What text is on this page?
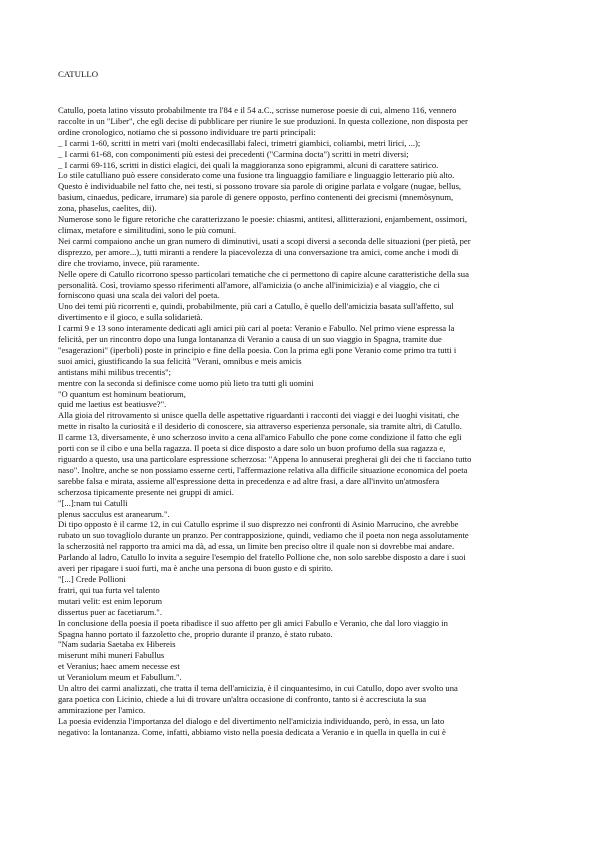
CATULLO
Catullo, poeta latino vissuto probabilmente tra l'84 e il 54 a.C., scrisse numerose poesie di cui, almeno 116, vennero
raccolte in un "Liber", che egli decise di pubblicare per riunire le sue produzioni. In questa collezione, non disposta per
ordine cronologico, notiamo che si possono individuare tre parti principali:
_ I carmi 1-60, scritti in metri vari (molti endecasillabi faleci, trimetri giambici, coliambi, metri lirici, ...);
_ I carmi 61-68, con componimenti più estesi dei precedenti ("Carmina docta") scritti in metri diversi;
_ I carmi 69-116, scritti in distici elagici, dei quali la maggioranza sono epigrammi, alcuni di carattere satirico.
Lo stile catulliano può essere considerato come una fusione tra linguaggio familiare e linguaggio letterario più alto.
Questo è individuabile nel fatto che, nei testi, si possono trovare sia parole di origine parlata e volgare (nugae, bellus,
basium, cinaedus, pedicare, irrumare) sia parole di genere opposto, perfino contenenti dei grecismi (mnemòsynum,
zona, phaselus, caelites, dii).
Numerose sono le figure retoriche che caratterizzano le poesie: chiasmi, antitesi, allitterazioni, enjambement, ossimori,
climax, metafore e similitudini, sono le più comuni.
Nei carmi compaiono anche un gran numero di diminutivi, usati a scopi diversi a seconda delle situazioni (per pietà, per
disprezzo, per amore...), tutti miranti a rendere la piacevolezza di una conversazione tra amici, come anche i modi di
dire che troviamo, invece, più raramente.
Nelle opere di Catullo ricorrono spesso particolari tematiche che ci permettono di capire alcune caratteristiche della sua
personalità. Così, troviamo spesso riferimenti all'amore, all'amicizia (o anche all'inimicizia) e al viaggio, che ci
forniscono quasi una scala dei valori del poeta.
Uno dei temi più ricorrenti e, quindi, probabilmente, più cari a Catullo, è quello dell'amicizia basata sull'affetto, sul
divertimento e il gioco, e sulla solidarietà.
I carmi 9 e 13 sono interamente dedicati agli amici più cari al poeta: Veranio e Fabullo. Nel primo viene espressa la
felicità, per un rincontro dopo una lunga lontananza di Veranio a causa di un suo viaggio in Spagna, tramite due
"esagerazioni" (iperboli) poste in principio e fine della poesia. Con la prima egli pone Veranio come primo tra tutti i
suoi amici, giustificando la sua felicità "Verani, omnibus e meis amicis
antistans mihi milibus trecentis";
mentre con la seconda si definisce come uomo più lieto tra tutti gli uomini
"O quantum est hominum beatiorum,
quid me laetius est beatiusve?".
Alla gioia del ritrovamento si unisce quella delle aspettative riguardanti i racconti dei viaggi e dei luoghi visitati, che
mette in risalto la curiosità e il desiderio di conoscere, sia attraverso esperienza personale, sia tramite altri, di Catullo.
Il carme 13, diversamente, è uno scherzoso invito a cena all'amico Fabullo che pone come condizione il fatto che egli
porti con se il cibo e una bella ragazza. Il poeta si dice disposto a dare solo un buon profumo della sua ragazza e,
riguardo a questo, usa una particolare espressione scherzosa: "Appena lo annuserai pregherai gli dei che ti facciano tutto
naso". Inoltre, anche se non possiamo esserne certi, l'affermazione relativa alla difficile situazione economica del poeta
sarebbe falsa e mirata, assieme all'espressione detta in precedenza e ad altre frasi, a dare all'invito un'atmosfera
scherzosa tipicamente presente nei gruppi di amici.
"[...]:nam tui Catulli
plenus sacculus est aranearum.".
Di tipo opposto è il carme 12, in cui Catullo esprime il suo disprezzo nei confronti di Asinio Marrucino, che avrebbe
rubato un suo tovagliolo durante un pranzo. Per contrapposizione, quindi, vediamo che il poeta non nega assolutamente
la scherzosità nel rapporto tra amici ma dà, ad essa, un limite ben preciso oltre il quale non si dovrebbe mai andare.
Parlando al ladro, Catullo lo invita a seguire l'esempio del fratello Pollione che, non solo sarebbe disposto a dare i suoi
averi per ripagare i suoi furti, ma è anche una persona di buon gusto e di spirito.
"[...] Crede Pollioni
fratri, qui tua furta vel talento
mutari velit: est enim leporum
dissertus puer ac facetiarum.".
In conclusione della poesia il poeta ribadisce il suo affetto per gli amici Fabullo e Veranio, che dal loro viaggio in
Spagna hanno portato il fazzoletto che, proprio durante il pranzo, è stato rubato.
"Nam sudaria Saetaba ex Hibereis
miserunt mihi muneri Fabullus
et Veranius; haec amem necesse est
ut Veraniolum meum et Fabullum.".
Un altro dei carmi analizzati, che tratta il tema dell'amicizia, è il cinquantesimo, in cui Catullo, dopo aver svolto una
gara poetica con Licinio, chiede a lui di trovare un'altra occasione di confronto, tanto si è accresciuta la sua
ammirazione per l'amico.
La poesia evidenzia l'importanza del dialogo e del divertimento nell'amicizia individuando, però, in essa, un lato
negativo: la lontananza. Come, infatti, abbiamo visto nella poesia dedicata a Veranio e in quella in quella in cui è
